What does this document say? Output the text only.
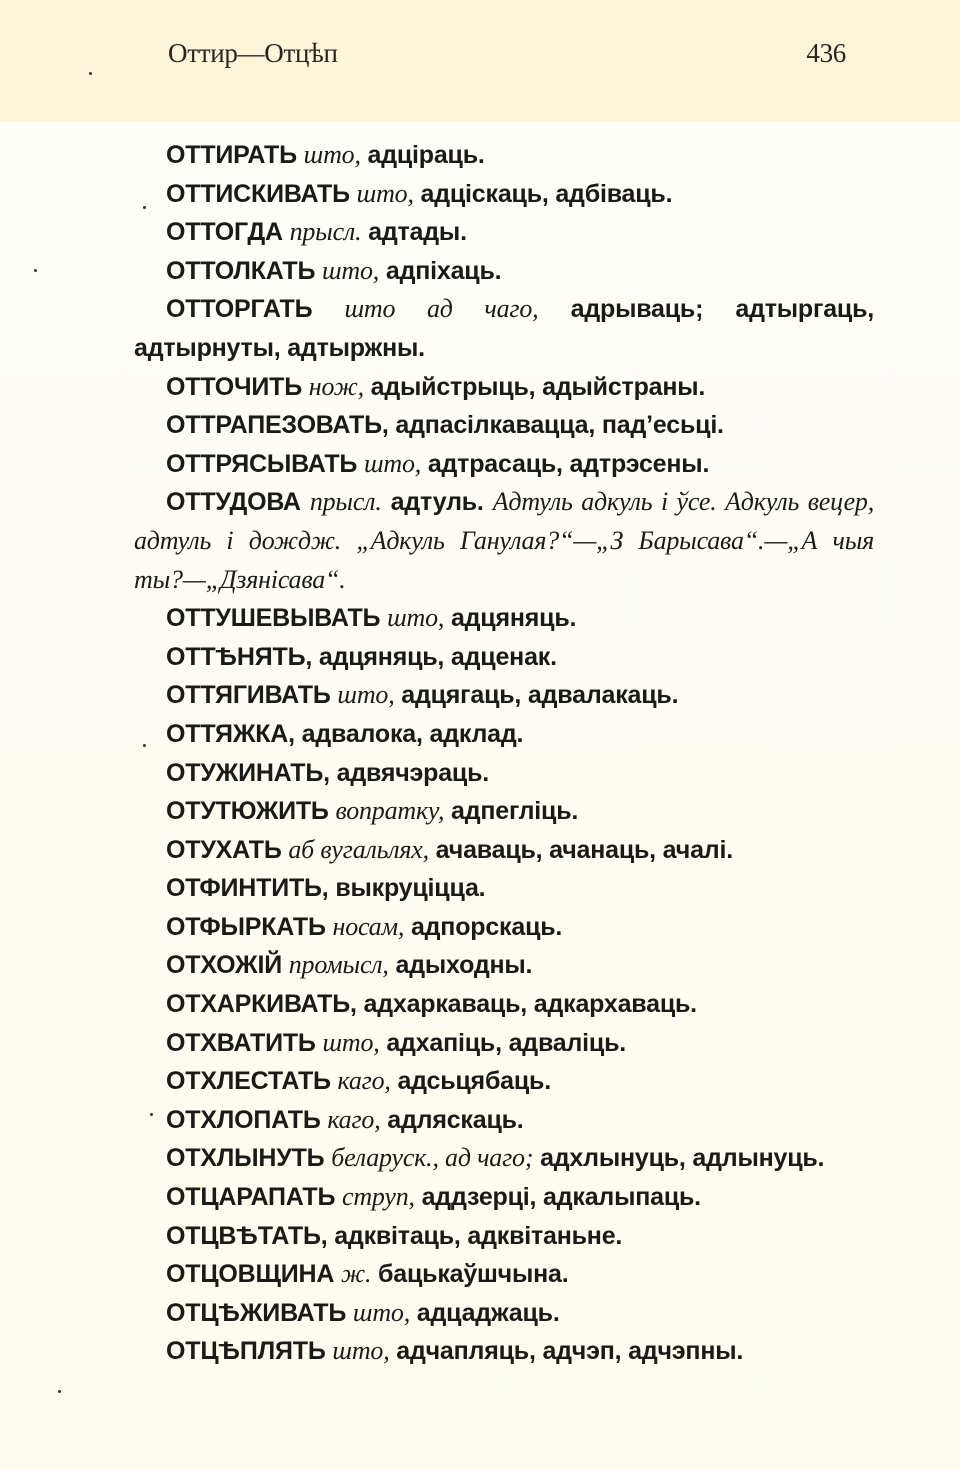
Оттир—Отцѣп	436

ОТТИРАТЬ што, адціраць.

ОТТИСКИВАТЬ што, адціскаць, адбіваць.

ОТТОГДА прысл. адтады.

ОТТОЛКАТЬ што, адпіхаць.

ОТТОРГАТЬ што ад чаго, адрываць; адтыргаць, адтырнуты, адтыржны.

ОТТОЧИТЬ нож, адыйстрыць, адыйстраны.

ОТТРАПЕЗОВАТЬ, адпасілкавацца, пад’есьці.

ОТТРЯСЫВАТЬ што, адтрасаць, адтрэсены.

ОТТУДОВА прысл. адтуль. Адтуль адкуль і ўсе. Адкуль вецер, адтуль і дождж. „Адкуль Ганулая?“—„З Барысава“.—„А чыя ты?—„Дзянісава“.

ОТТУШЕВЫВАТЬ што, адцяняць.

ОТТѢНЯТЬ, адцяняць, адценак.

ОТТЯГИВАТЬ што, адцягаць, адвалакаць.

ОТТЯЖКА, адвалока, адклад.

ОТУЖИНАТЬ, адвячэраць.

ОТУТЮЖИТЬ вопратку, адпегліць.

ОТУХАТЬ аб вугальлях, ачаваць, ачанаць, ачалі.

ОТФИНТИТЬ, выкруціцца.

ОТФЫРКАТЬ носам, адпорскаць.

ОТХОЖІЙ промысл, адыходны.

ОТХАРКИВАТЬ, адхаркаваць, адкархаваць.

ОТХВАТИТЬ што, адхапіць, адваліць.

ОТХЛЕСТАТЬ каго, адсьцябаць.

ОТХЛОПАТЬ каго, адляскаць.

ОТХЛЫНУТЬ беларуск., ад чаго; адхлынуць, адлынуць.

ОТЦАРАПАТЬ струп, аддзерці, адкалыпаць.

ОТЦВѢТАТЬ, адквітаць, адквітаньне.

ОТЦОВЩИНА ж. бацькаўшчына.

ОТЦѢЖИВАТЬ што, адцаджаць.

ОТЦѢПЛЯТЬ што, адчапляць, адчэп, адчэпны.
